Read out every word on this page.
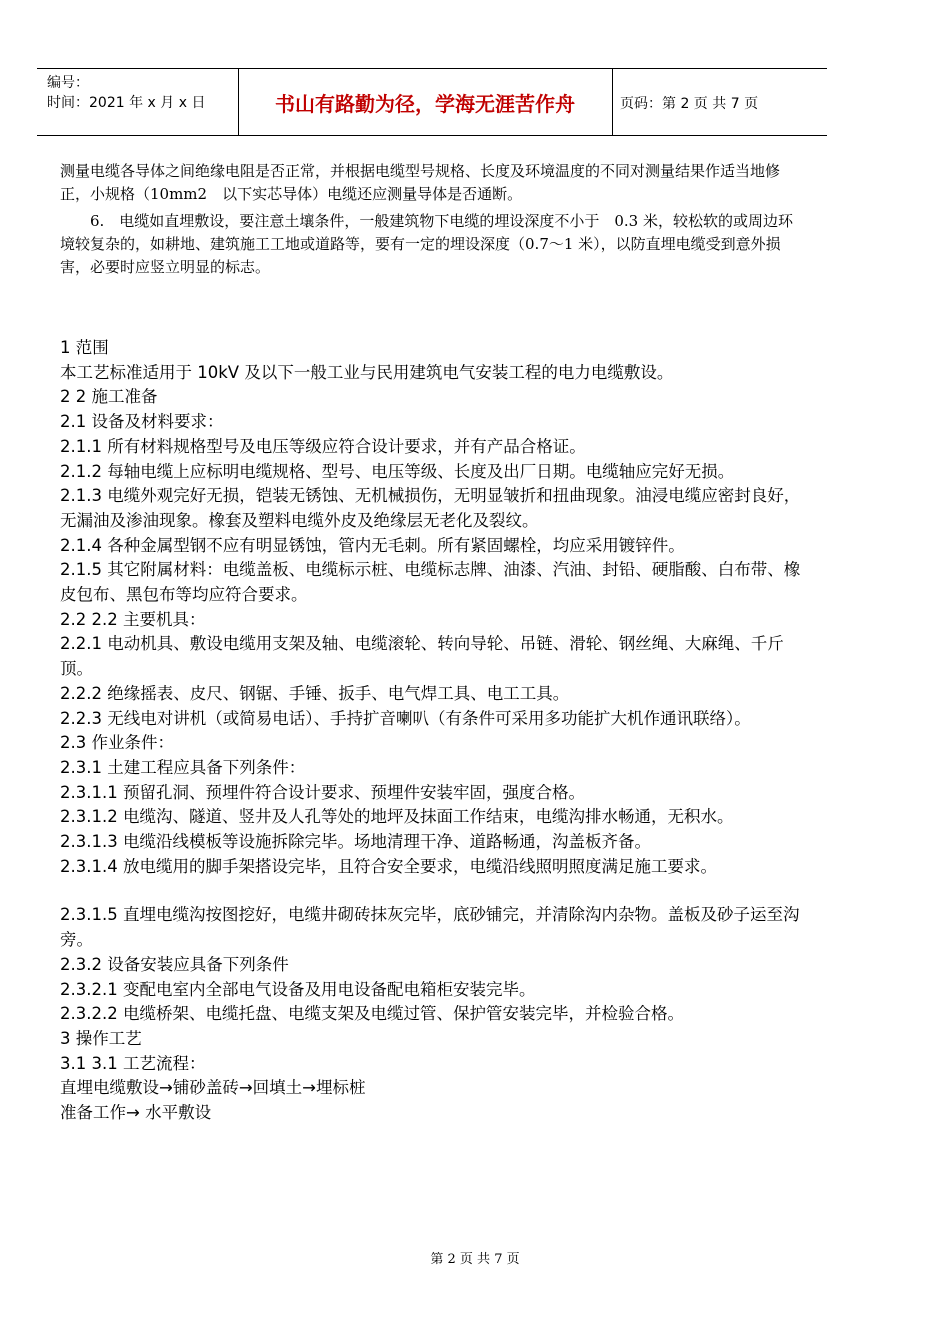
编号：
时间：2021 年 x 月 x 日	书山有路勤为径，学海无涯苦作舟	页码：第 2 页 共 7 页

测量电缆各导体之间绝缘电阻是否正常，并根据电缆型号规格、长度及环境温度的不同对测量结果作适当地修正，小规格（10mm2　以下实芯导体）电缆还应测量导体是否通断。

6.　电缆如直埋敷设，要注意土壤条件，一般建筑物下电缆的埋设深度不小于　0.3 米，较松软的或周边环境较复杂的，如耕地、建筑施工工地或道路等，要有一定的埋设深度（0.7～1 米），以防直埋电缆受到意外损害，必要时应竖立明显的标志。

1 范围

本工艺标准适用于 10kV 及以下一般工业与民用建筑电气安装工程的电力电缆敷设。

2 2 施工准备

2.1 设备及材料要求：

2.1.1 所有材料规格型号及电压等级应符合设计要求，并有产品合格证。

2.1.2 每轴电缆上应标明电缆规格、型号、电压等级、长度及出厂日期。电缆轴应完好无损。

2.1.3 电缆外观完好无损，铠装无锈蚀、无机械损伤，无明显皱折和扭曲现象。油浸电缆应密封良好，无漏油及渗油现象。橡套及塑料电缆外皮及绝缘层无老化及裂纹。

2.1.4 各种金属型钢不应有明显锈蚀，管内无毛刺。所有紧固螺栓，均应采用镀锌件。

2.1.5 其它附属材料：电缆盖板、电缆标示桩、电缆标志牌、油漆、汽油、封铅、硬脂酸、白布带、橡皮包布、黑包布等均应符合要求。

2.2 2.2 主要机具：

2.2.1 电动机具、敷设电缆用支架及轴、电缆滚轮、转向导轮、吊链、滑轮、钢丝绳、大麻绳、千斤顶。

2.2.2 绝缘摇表、皮尺、钢锯、手锤、扳手、电气焊工具、电工工具。

2.2.3 无线电对讲机（或简易电话）、手持扩音喇叭（有条件可采用多功能扩大机作通讯联络）。

2.3 作业条件：

2.3.1 土建工程应具备下列条件：

2.3.1.1 预留孔洞、预埋件符合设计要求、预埋件安装牢固，强度合格。

2.3.1.2 电缆沟、隧道、竖井及人孔等处的地坪及抹面工作结束，电缆沟排水畅通，无积水。

2.3.1.3 电缆沿线模板等设施拆除完毕。场地清理干净、道路畅通，沟盖板齐备。

2.3.1.4 放电缆用的脚手架搭设完毕，且符合安全要求，电缆沿线照明照度满足施工要求。

2.3.1.5 直埋电缆沟按图挖好，电缆井砌砖抹灰完毕，底砂铺完，并清除沟内杂物。盖板及砂子运至沟旁。

2.3.2 设备安装应具备下列条件

2.3.2.1 变配电室内全部电气设备及用电设备配电箱柜安装完毕。

2.3.2.2 电缆桥架、电缆托盘、电缆支架及电缆过管、保护管安装完毕，并检验合格。

3 操作工艺

3.1 3.1 工艺流程：

直埋电缆敷设→铺砂盖砖→回填土→埋标桩

准备工作→ 水平敷设

第 2 页 共 7 页
